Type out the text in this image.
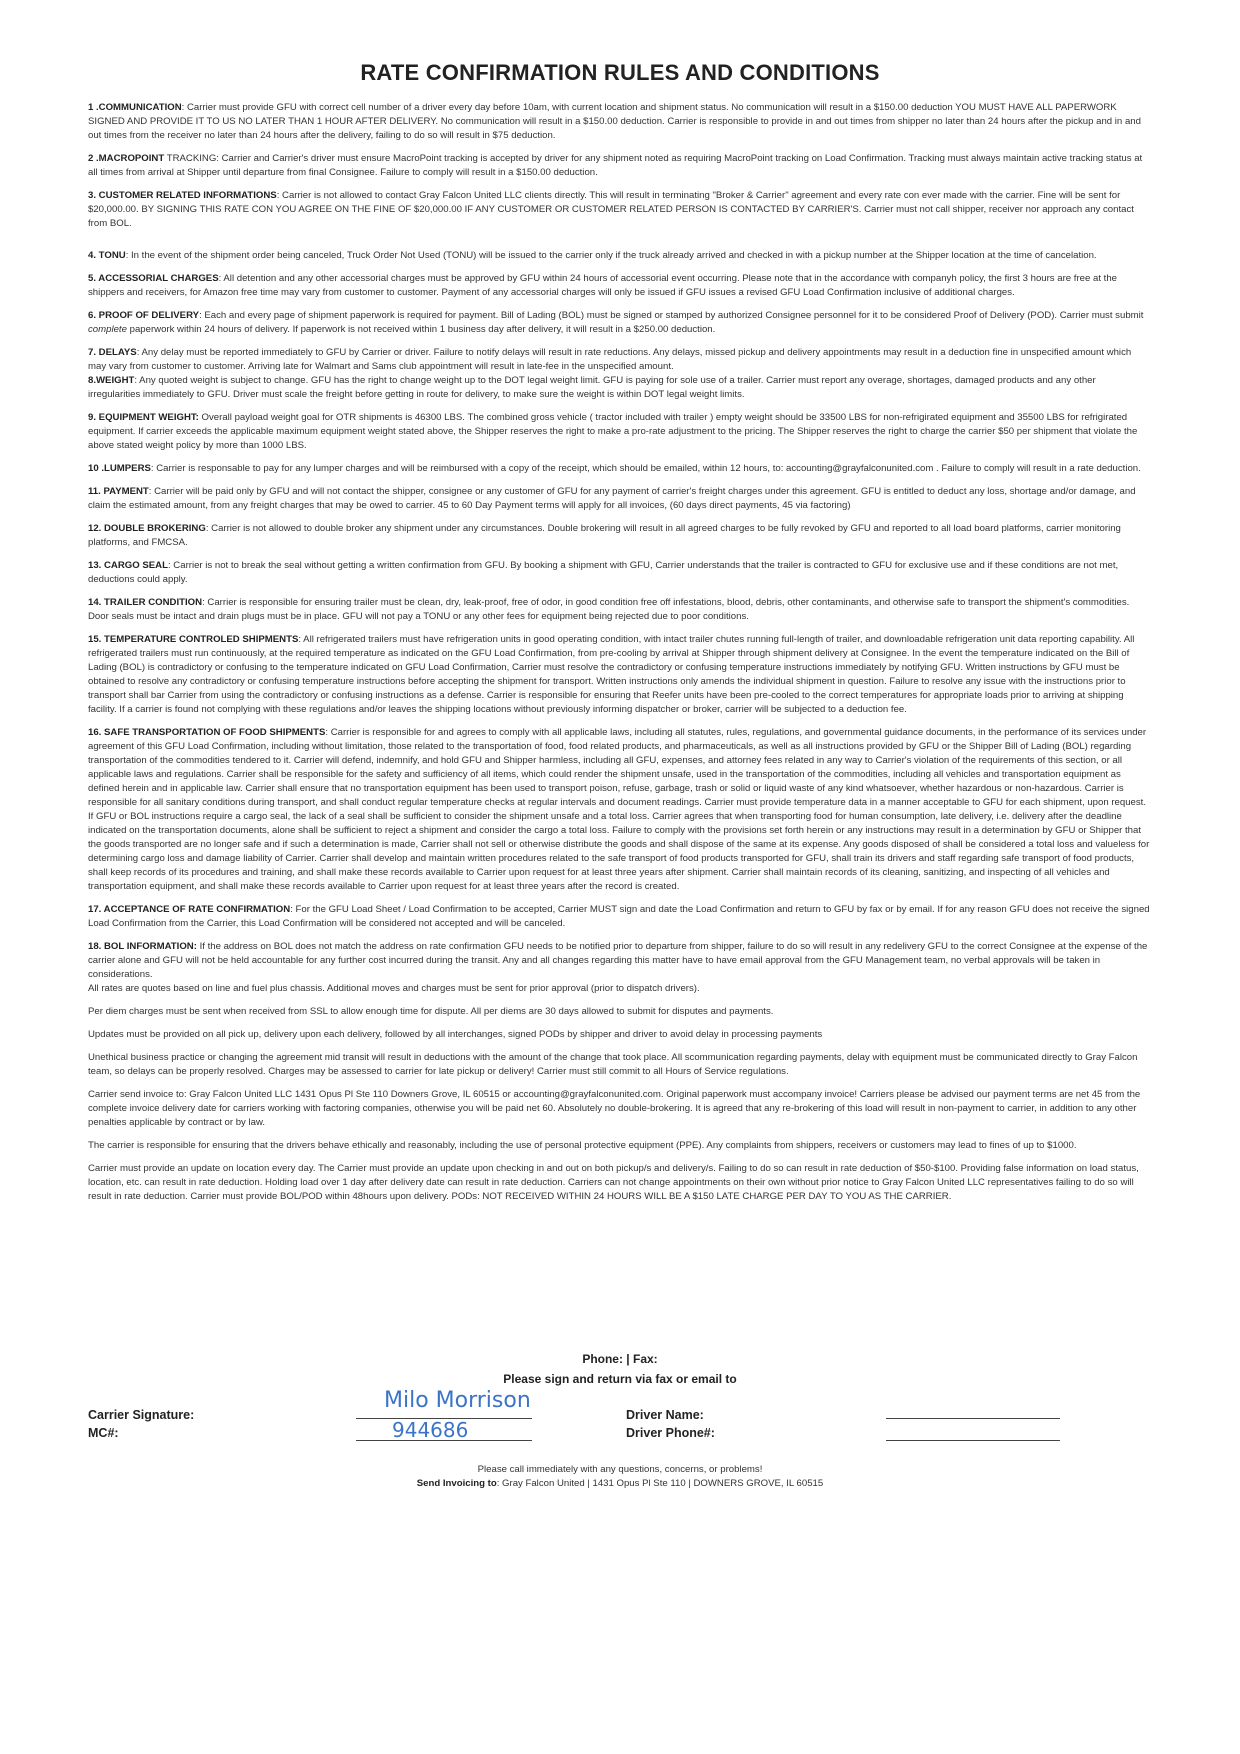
RATE CONFIRMATION RULES AND CONDITIONS

1 .COMMUNICATION: Carrier must provide GFU with correct cell number of a driver every day before 10am, with current location and shipment status. No communication will result in a $150.00 deduction YOU MUST HAVE ALL PAPERWORK SIGNED AND PROVIDE IT TO US NO LATER THAN 1 HOUR AFTER DELIVERY. No communication will result in a $150.00 deduction. Carrier is responsible to provide in and out times from shipper no later than 24 hours after the pickup and in and out times from the receiver no later than 24 hours after the delivery, failing to do so will result in $75 deduction.

2 .MACROPOINT TRACKING: Carrier and Carrier's driver must ensure MacroPoint tracking is accepted by driver for any shipment noted as requiring MacroPoint tracking on Load Confirmation. Tracking must always maintain active tracking status at all times from arrival at Shipper until departure from final Consignee. Failure to comply will result in a $150.00 deduction.

3. CUSTOMER RELATED INFORMATIONS: Carrier is not allowed to contact Gray Falcon United LLC clients directly. This will result in terminating "Broker & Carrier" agreement and every rate con ever made with the carrier. Fine will be sent for $20,000.00. BY SIGNING THIS RATE CON YOU AGREE ON THE FINE OF $20,000.00 IF ANY CUSTOMER OR CUSTOMER RELATED PERSON IS CONTACTED BY CARRIER'S. Carrier must not call shipper, receiver nor approach any contact from BOL.

4. TONU: In the event of the shipment order being canceled, Truck Order Not Used (TONU) will be issued to the carrier only if the truck already arrived and checked in with a pickup number at the Shipper location at the time of cancelation.

5. ACCESSORIAL CHARGES: All detention and any other accessorial charges must be approved by GFU within 24 hours of accessorial event occurring. Please note that in the accordance with companyh policy, the first 3 hours are free at the shippers and receivers, for Amazon free time may vary from customer to customer. Payment of any accessorial charges will only be issued if GFU issues a revised GFU Load Confirmation inclusive of additional charges.

6. PROOF OF DELIVERY: Each and every page of shipment paperwork is required for payment. Bill of Lading (BOL) must be signed or stamped by authorized Consignee personnel for it to be considered Proof of Delivery (POD). Carrier must submit complete paperwork within 24 hours of delivery. If paperwork is not received within 1 business day after delivery, it will result in a $250.00 deduction.

7. DELAYS: Any delay must be reported immediately to GFU by Carrier or driver. Failure to notify delays will result in rate reductions. Any delays, missed pickup and delivery appointments may result in a deduction fine in unspecified amount which may vary from customer to customer. Arriving late for Walmart and Sams club appointment will result in late-fee in the unspecified amount.

8.WEIGHT: Any quoted weight is subject to change. GFU has the right to change weight up to the DOT legal weight limit. GFU is paying for sole use of a trailer. Carrier must report any overage, shortages, damaged products and any other irregularities immediately to GFU. Driver must scale the freight before getting in route for delivery, to make sure the weight is within DOT legal weight limits.

9. EQUIPMENT WEIGHT: Overall payload weight goal for OTR shipments is 46300 LBS. The combined gross vehicle ( tractor included with trailer ) empty weight should be 33500 LBS for non-refrigirated equipment and 35500 LBS for refrigirated equipment. If carrier exceeds the applicable maximum equipment weight stated above, the Shipper reserves the right to make a pro-rate adjustment to the pricing. The Shipper reserves the right to charge the carrier $50 per shipment that violate the above stated weight policy by more than 1000 LBS.

10 .LUMPERS: Carrier is responsable to pay for any lumper charges and will be reimbursed with a copy of the receipt, which should be emailed, within 12 hours, to: accounting@grayfalconunited.com . Failure to comply will result in a rate deduction.

11. PAYMENT: Carrier will be paid only by GFU and will not contact the shipper, consignee or any customer of GFU for any payment of carrier's freight charges under this agreement. GFU is entitled to deduct any loss, shortage and/or damage, and claim the estimated amount, from any freight charges that may be owed to carrier. 45 to 60 Day Payment terms will apply for all invoices, (60 days direct payments, 45 via factoring)

12. DOUBLE BROKERING: Carrier is not allowed to double broker any shipment under any circumstances. Double brokering will result in all agreed charges to be fully revoked by GFU and reported to all load board platforms, carrier monitoring platforms, and FMCSA.

13. CARGO SEAL: Carrier is not to break the seal without getting a written confirmation from GFU. By booking a shipment with GFU, Carrier understands that the trailer is contracted to GFU for exclusive use and if these conditions are not met, deductions could apply.

14. TRAILER CONDITION: Carrier is responsible for ensuring trailer must be clean, dry, leak-proof, free of odor, in good condition free off infestations, blood, debris, other contaminants, and otherwise safe to transport the shipment's commodities. Door seals must be intact and drain plugs must be in place. GFU will not pay a TONU or any other fees for equipment being rejected due to poor conditions.

15. TEMPERATURE CONTROLED SHIPMENTS: All refrigerated trailers must have refrigeration units in good operating condition, with intact trailer chutes running full-length of trailer, and downloadable refrigeration unit data reporting capability. All refrigerated trailers must run continuously, at the required temperature as indicated on the GFU Load Confirmation, from pre-cooling by arrival at Shipper through shipment delivery at Consignee. In the event the temperature indicated on the Bill of Lading (BOL) is contradictory or confusing to the temperature indicated on GFU Load Confirmation, Carrier must resolve the contradictory or confusing temperature instructions immediately by notifying GFU. Written instructions by GFU must be obtained to resolve any contradictory or confusing temperature instructions before accepting the shipment for transport. Written instructions only amends the individual shipment in question. Failure to resolve any issue with the instructions prior to transport shall bar Carrier from using the contradictory or confusing instructions as a defense. Carrier is responsible for ensuring that Reefer units have been pre-cooled to the correct temperatures for appropriate loads prior to arriving at shipping facility. If a carrier is found not complying with these regulations and/or leaves the shipping locations without previously informing dispatcher or broker, carrier will be subjected to a deduction fee.

16. SAFE TRANSPORTATION OF FOOD SHIPMENTS: Carrier is responsible for and agrees to comply with all applicable laws, including all statutes, rules, regulations, and governmental guidance documents, in the performance of its services under agreement of this GFU Load Confirmation, including without limitation, those related to the transportation of food, food related products, and pharmaceuticals, as well as all instructions provided by GFU or the Shipper Bill of Lading (BOL) regarding transportation of the commodities tendered to it. Carrier will defend, indemnify, and hold GFU and Shipper harmless, including all GFU, expenses, and attorney fees related in any way to Carrier's violation of the requirements of this section, or all applicable laws and regulations. Carrier shall be responsible for the safety and sufficiency of all items, which could render the shipment unsafe, used in the transportation of the commodities, including all vehicles and transportation equipment as defined herein and in applicable law. Carrier shall ensure that no transportation equipment has been used to transport poison, refuse, garbage, trash or solid or liquid waste of any kind whatsoever, whether hazardous or non-hazardous. Carrier is responsible for all sanitary conditions during transport, and shall conduct regular temperature checks at regular intervals and document readings. Carrier must provide temperature data in a manner acceptable to GFU for each shipment, upon request. If GFU or BOL instructions require a cargo seal, the lack of a seal shall be sufficient to consider the shipment unsafe and a total loss. Carrier agrees that when transporting food for human consumption, late delivery, i.e. delivery after the deadline indicated on the transportation documents, alone shall be sufficient to reject a shipment and consider the cargo a total loss. Failure to comply with the provisions set forth herein or any instructions may result in a determination by GFU or Shipper that the goods transported are no longer safe and if such a determination is made, Carrier shall not sell or otherwise distribute the goods and shall dispose of the same at its expense. Any goods disposed of shall be considered a total loss and valueless for determining cargo loss and damage liability of Carrier. Carrier shall develop and maintain written procedures related to the safe transport of food products transported for GFU, shall train its drivers and staff regarding safe transport of food products, shall keep records of its procedures and training, and shall make these records available to Carrier upon request for at least three years after shipment. Carrier shall maintain records of its cleaning, sanitizing, and inspecting of all vehicles and transportation equipment, and shall make these records available to Carrier upon request for at least three years after the record is created.

17. ACCEPTANCE OF RATE CONFIRMATION: For the GFU Load Sheet / Load Confirmation to be accepted, Carrier MUST sign and date the Load Confirmation and return to GFU by fax or by email. If for any reason GFU does not receive the signed Load Confirmation from the Carrier, this Load Confirmation will be considered not accepted and will be canceled.

18. BOL INFORMATION: If the address on BOL does not match the address on rate confirmation GFU needs to be notified prior to departure from shipper, failure to do so will result in any redelivery GFU to the correct Consignee at the expense of the carrier alone and GFU will not be held accountable for any further cost incurred during the transit. Any and all changes regarding this matter have to have email approval from the GFU Management team, no verbal approvals will be taken in considerations.

All rates are quotes based on line and fuel plus chassis. Additional moves and charges must be sent for prior approval (prior to dispatch drivers).

Per diem charges must be sent when received from SSL to allow enough time for dispute. All per diems are 30 days allowed to submit for disputes and payments.

Updates must be provided on all pick up, delivery upon each delivery, followed by all interchanges, signed PODs by shipper and driver to avoid delay in processing payments

Unethical business practice or changing the agreement mid transit will result in deductions with the amount of the change that took place. All scommunication regarding payments, delay with equipment must be communicated directly to Gray Falcon team, so delays can be properly resolved. Charges may be assessed to carrier for late pickup or delivery! Carrier must still commit to all Hours of Service regulations.

Carrier send invoice to: Gray Falcon United LLC 1431 Opus Pl Ste 110 Downers Grove, IL 60515 or accounting@grayfalconunited.com. Original paperwork must accompany invoice! Carriers please be advised our payment terms are net 45 from the complete invoice delivery date for carriers working with factoring companies, otherwise you will be paid net 60. Absolutely no double-brokering. It is agreed that any re-brokering of this load will result in non-payment to carrier, in addition to any other penalties applicable by contract or by law.

The carrier is responsible for ensuring that the drivers behave ethically and reasonably, including the use of personal protective equipment (PPE). Any complaints from shippers, receivers or customers may lead to fines of up to $1000.

Carrier must provide an update on location every day. The Carrier must provide an update upon checking in and out on both pickup/s and delivery/s. Failing to do so can result in rate deduction of $50-$100. Providing false information on load status, location, etc. can result in rate deduction. Holding load over 1 day after delivery date can result in rate deduction. Carriers can not change appointments on their own without prior notice to Gray Falcon United LLC representatives failing to do so will result in rate deduction. Carrier must provide BOL/POD within 48hours upon delivery. PODs: NOT RECEIVED WITHIN 24 HOURS WILL BE A $150 LATE CHARGE PER DAY TO YOU AS THE CARRIER.

Phone: | Fax:
Please sign and return via fax or email to
Carrier Signature:
Milo Morrison
MC#:	944686
Driver Name:
Driver Phone#:
Please call immediately with any questions, concerns, or problems!
Send Invoicing to: Gray Falcon United | 1431 Opus Pl Ste 110 | DOWNERS GROVE, IL 60515
